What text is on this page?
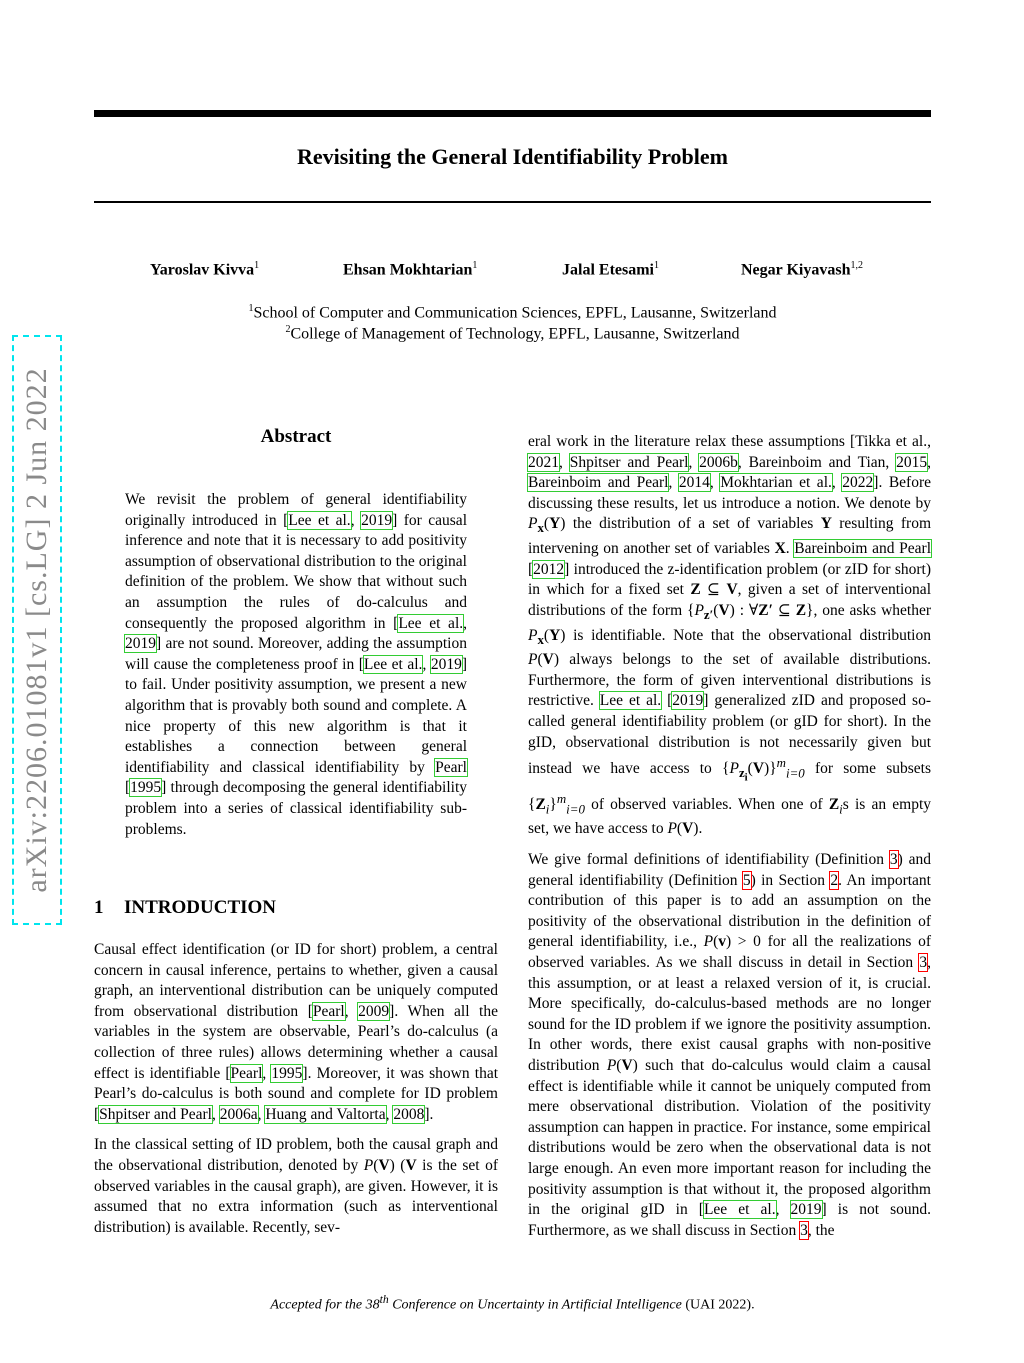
Revisiting the General Identifiability Problem
Yaroslav Kivva$^1$	Ehsan Mokhtarian$^1$	Jalal Etesami$^1$	Negar Kiyavash$^{1,2}$
$^1$School of Computer and Communication Sciences, EPFL, Lausanne, Switzerland
$^2$College of Management of Technology, EPFL, Lausanne, Switzerland
arXiv:2206.01081v1 [cs.LG] 2 Jun 2022	Abstract

We revisit the problem of general identifiability originally introduced in [Lee et al., 2019] for causal inference and note that it is necessary to add positivity assumption of observational distribution to the original definition of the problem. We show that without such an assumption the rules of do-calculus and consequently the proposed algorithm in [Lee et al., 2019] are not sound. Moreover, adding the assumption will cause the completeness proof in [Lee et al., 2019] to fail. Under positivity assumption, we present a new algorithm that is provably both sound and complete. A nice property of this new algorithm is that it establishes a connection between general identifiability and classical identifiability by Pearl [1995] through decomposing the general identifiability problem into a series of classical identifiability sub-problems.

1 INTRODUCTION

Causal effect identification (or ID for short) problem, a central concern in causal inference, pertains to whether, given a causal graph, an interventional distribution can be uniquely computed from observational distribution [Pearl, 2009]. When all the variables in the system are observable, Pearl’s do-calculus (a collection of three rules) allows determining whether a causal effect is identifiable [Pearl, 1995]. Moreover, it was shown that Pearl’s do-calculus is both sound and complete for ID problem [Shpitser and Pearl, 2006a, Huang and Valtorta, 2008].

In the classical setting of ID problem, both the causal graph and the observational distribution, denoted by P(V) (V is the set of observed variables in the causal graph), are given. However, it is assumed that no extra information (such as interventional distribution) is available. Recently, sev-

eral work in the literature relax these assumptions [Tikka et al., 2021, Shpitser and Pearl, 2006b, Bareinboim and Tian, 2015, Bareinboim and Pearl, 2014, Mokhtarian et al., 2022]. Before discussing these results, let us introduce a notion. We denote by $P_x(Y)$ the distribution of a set of variables Y resulting from intervening on another set of variables X. Bareinboim and Pearl [2012] introduced the z-identification problem (or zID for short) in which for a fixed set Z ⊆ V, given a set of interventional distributions of the form {$P_{z'}(V)$ : ∀Z′ ⊆ Z}, one asks whether $P_x(Y)$ is identifiable. Note that the observational distribution P(V) always belongs to the set of available distributions. Furthermore, the form of given interventional distributions is restrictive. Lee et al. [2019] generalized zID and proposed so-called general identifiability problem (or gID for short). In the gID, observational distribution is not necessarily given but instead we have access to $\{P_{z_i}(V)\}^m_{i=0}$ for some subsets $\{Z_i\}^m_{i=0}$ of observed variables. When one of $Z_is$ is an empty set, we have access to P(V).

We give formal definitions of identifiability (Definition 3) and general identifiability (Definition 5) in Section 2. An important contribution of this paper is to add an assumption on the positivity of the observational distribution in the definition of general identifiability, i.e., P(v) > 0 for all the realizations of observed variables. As we shall discuss in detail in Section 3, this assumption, or at least a relaxed version of it, is crucial. More specifically, do-calculus-based methods are no longer sound for the ID problem if we ignore the positivity assumption. In other words, there exist causal graphs with non-positive distribution P(V) such that do-calculus would claim a causal effect is identifiable while it cannot be uniquely computed from mere observational distribution. Violation of the positivity assumption can happen in practice. For instance, some empirical distributions would be zero when the observational data is not large enough. An even more important reason for including the positivity assumption is that without it, the proposed algorithm in the original gID in [Lee et al., 2019] is not sound. Furthermore, as we shall discuss in Section 3, the

Accepted for the 38th Conference on Uncertainty in Artificial Intelligence (UAI 2022).
